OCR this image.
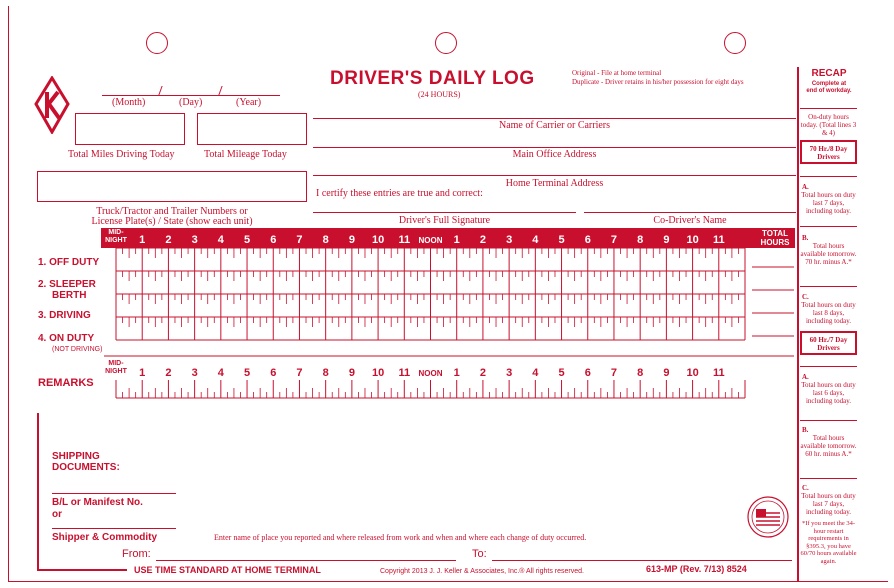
(Month)	(Day)	(Year)
DRIVER'S DAILY LOG
(24 HOURS)
Original - File at home terminal
Duplicate - Driver retains in his/her possession for eight days
Total Miles Driving Today	Total Mileage Today
Name of Carrier or Carriers
Main Office Address
Home Terminal Address
I certify these entries are true and correct:
Truck/Tractor and Trailer Numbers or
License Plate(s) / State (show each unit)	Driver's Full Signature	Co-Driver's Name
MID-
NIGHT
TOTAL
HOURS
1 2 3 4 5 6 7 8 9 10 11 NOON 1 2 3 4 5 6 7 8 9 10 11
1. OFF DUTY
2. SLEEPER
BERTH
3. DRIVING
4. ON DUTY
(NOT DRIVING)
1 2 3 4 5 6 7 8 9 10 11 NOON 1 2 3 4 5 6 7 8 9 10 11
MID-
NIGHT
REMARKS
SHIPPING
DOCUMENTS:
B/L or Manifest No.
or
Shipper & Commodity	Enter name of place you reported and where released from work and when and where each change of duty occurred.
From:	To:
USE TIME STANDARD AT HOME TERMINAL	Copyright 2013 J. J. Keller & Associates, Inc.® All rights reserved.	613-MP (Rev. 7/13) 8524
RECAP
Complete at
end of workday.
On-duty hours today. (Total lines 3 & 4)
70 Hr./8 Day Drivers
A.
Total hours on duty last 7 days, including today.
B.
Total hours available tomorrow. 70 hr. minus A.*
C.
Total hours on duty last 8 days, including today.
60 Hr./7 Day Drivers
A.
Total hours on duty last 6 days, including today.
B.
Total hours available tomorrow. 60 hr. minus A.*
C.
Total hours on duty last 7 days, including today.
*If you meet the 34-hour restart requirements in §395.3, you have 60/70 hours available again.
